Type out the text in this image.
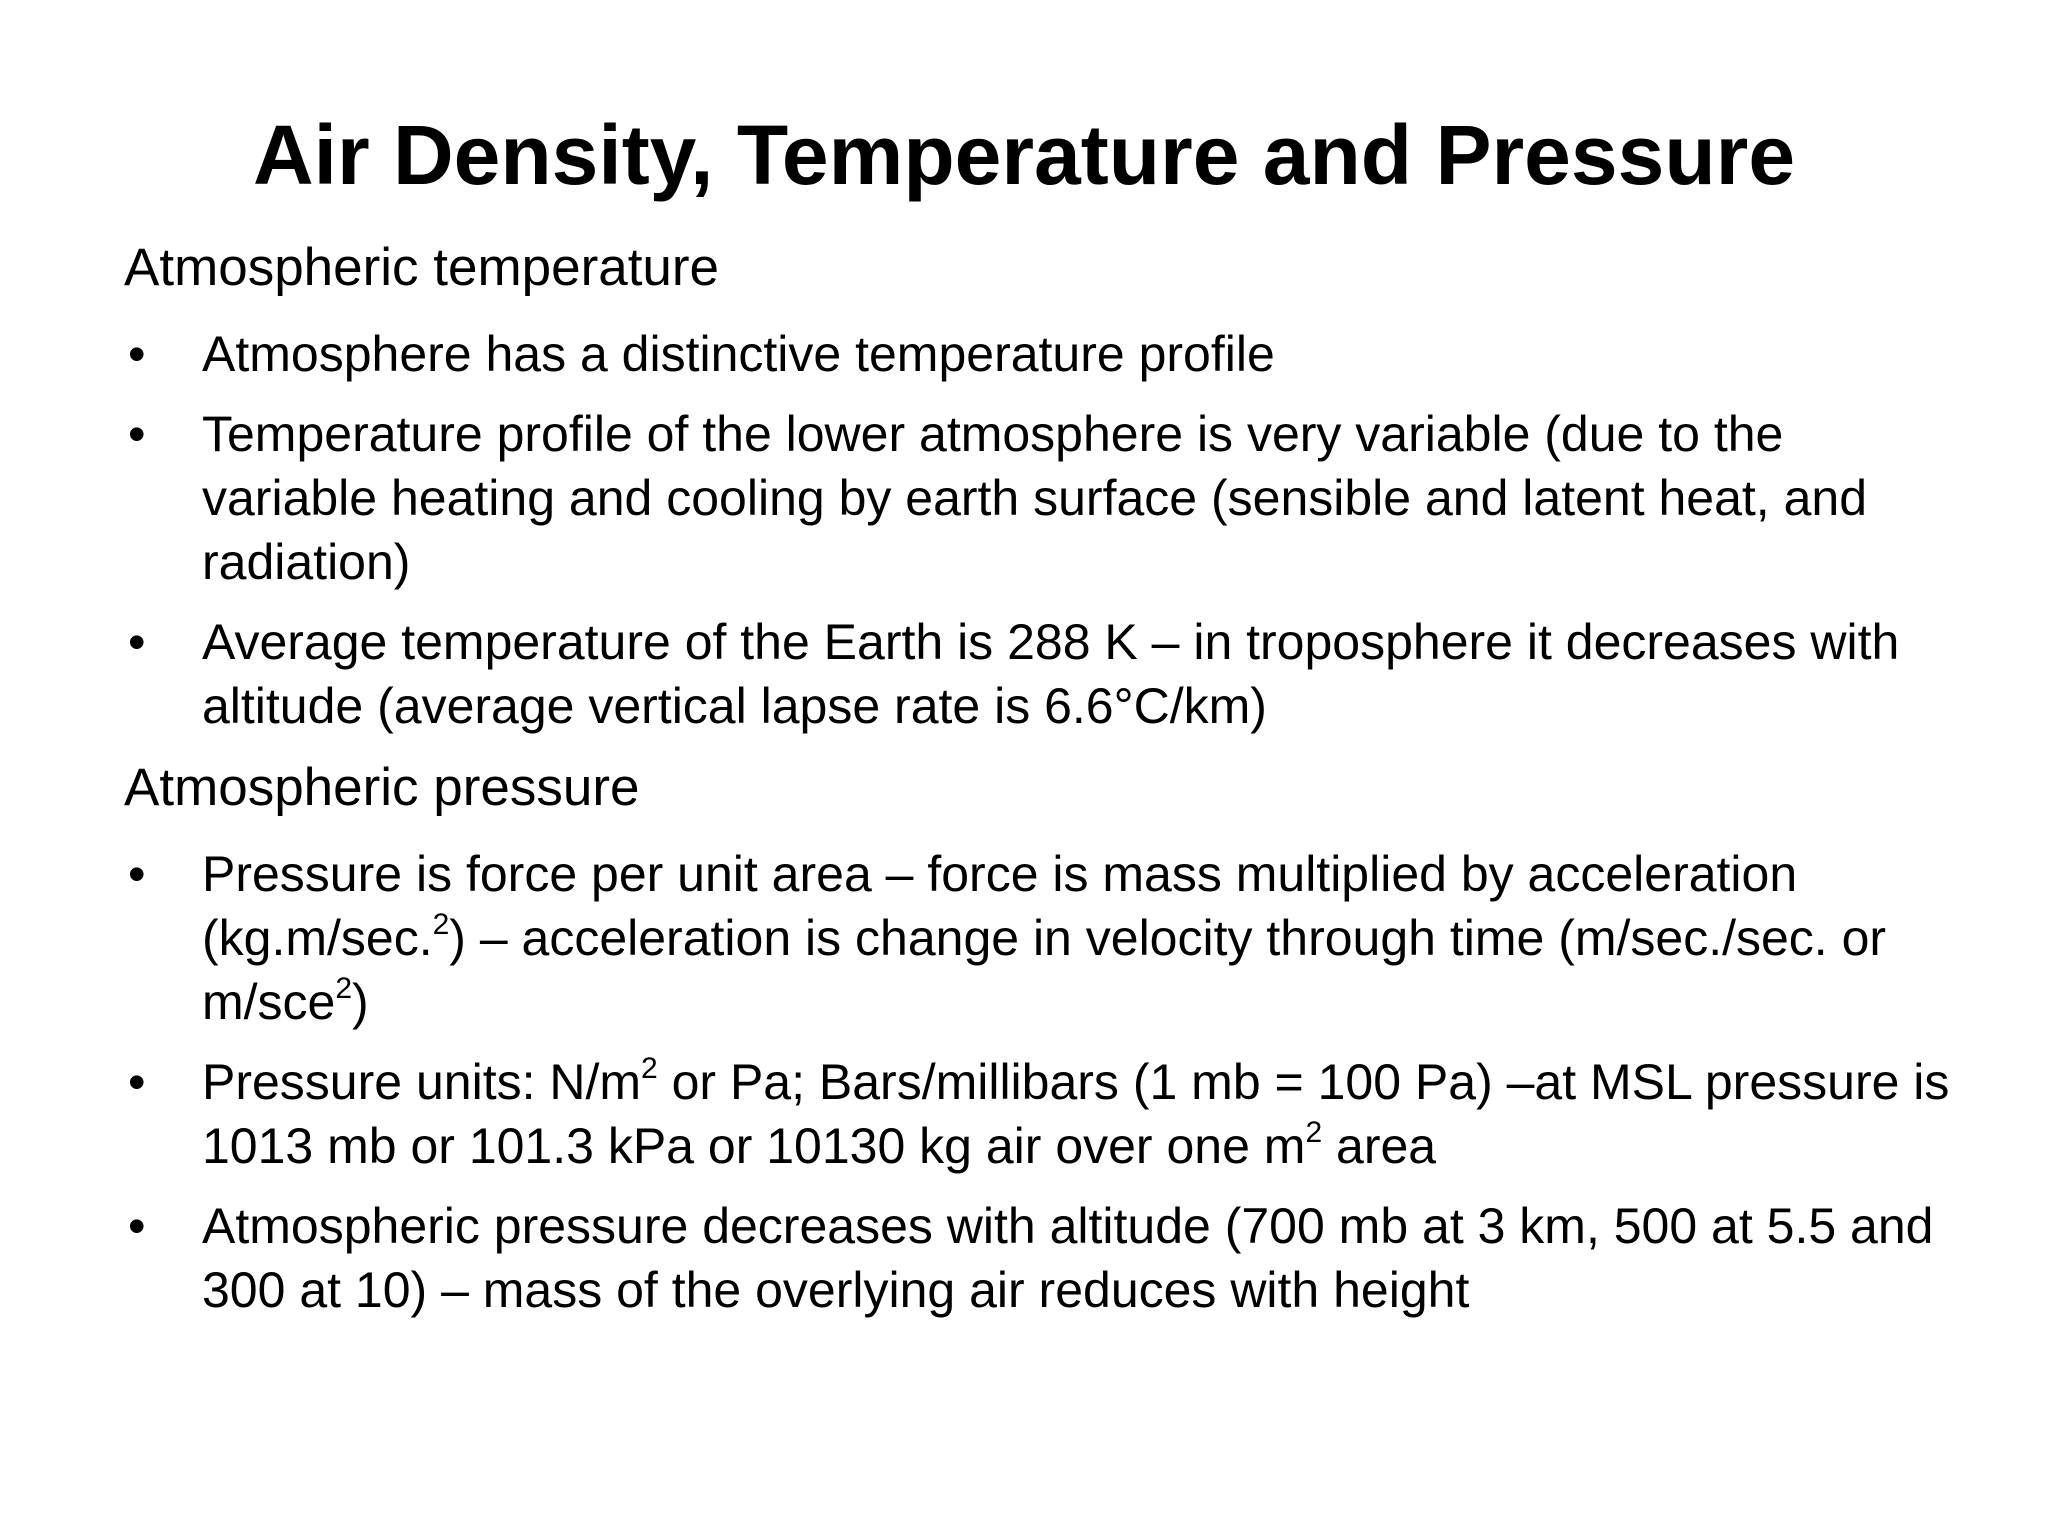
Air Density, Temperature and Pressure
Atmospheric temperature
• Atmosphere has a distinctive temperature profile
• Temperature profile of the lower atmosphere is very variable (due to the variable heating and cooling by earth surface (sensible and latent heat, and radiation)
• Average temperature of the Earth is 288 K – in troposphere it decreases with altitude (average vertical lapse rate is 6.6°C/km)
Atmospheric pressure
• Pressure is force per unit area – force is mass multiplied by acceleration (kg.m/sec.$^2$) – acceleration is change in velocity through time (m/sec./sec. or m/sce$^2$)
• Pressure units: $N/m^2$ or Pa; Bars/millibars (1 mb = 100 Pa) –at MSL pressure is 1013 mb or 101.3 kPa or 10130 kg air over one $m^2$ area
• Atmospheric pressure decreases with altitude (700 mb at 3 km, 500 at 5.5 and 300 at 10) – mass of the overlying air reduces with height
